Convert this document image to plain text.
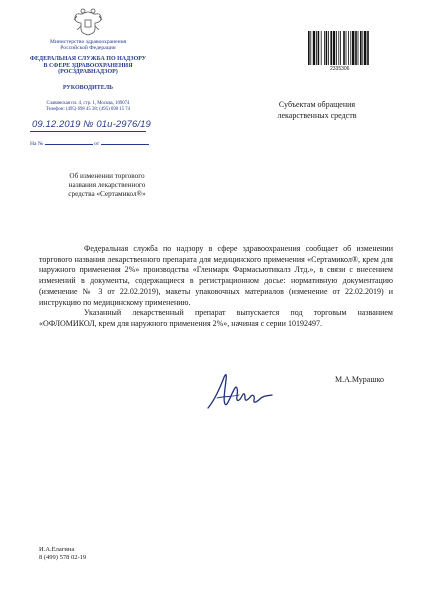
Министерство здравоохранения
Российской Федерации
ФЕДЕРАЛЬНАЯ СЛУЖБА ПО НАДЗОРУ
В СФЕРЕ ЗДРАВООХРАНЕНИЯ
(РОСЗДРАВНАДЗОР)
РУКОВОДИТЕЛЬ
Славянская пл. 4, стр. 1, Москва, 109074
Телефон: (495) 698 45 38; (495) 698 15 74
2335306
09.12.2019 № 01и-2976/19
На №	от
Субъектам обращения
лекарственных средств
Об изменении торгового
названия лекарственного
средства «Сертамикол®»

Федеральная служба по надзору в сфере здравоохранения сообщает об изменении торгового названия лекарственного препарата для медицинского применения «Сертамикол®, крем для наружного применения 2%» производства «Гленмарк Фармасьютикалз Лтд.», в связи с внесением изменений в документы, содержащиеся в регистрационном досье: нормативную документацию (изменение № 3 от 22.02.2019), макеты упаковочных материалов (изменение от 22.02.2019) и инструкцию по медицинскому применению.

Указанный лекарственный препарат выпускается под торговым названием «ОФЛОМИКОЛ, крем для наружного применения 2%», начиная с серии 10192497.

М.А.Мурашко
И.А.Елагина
8 (499) 578 02-19
